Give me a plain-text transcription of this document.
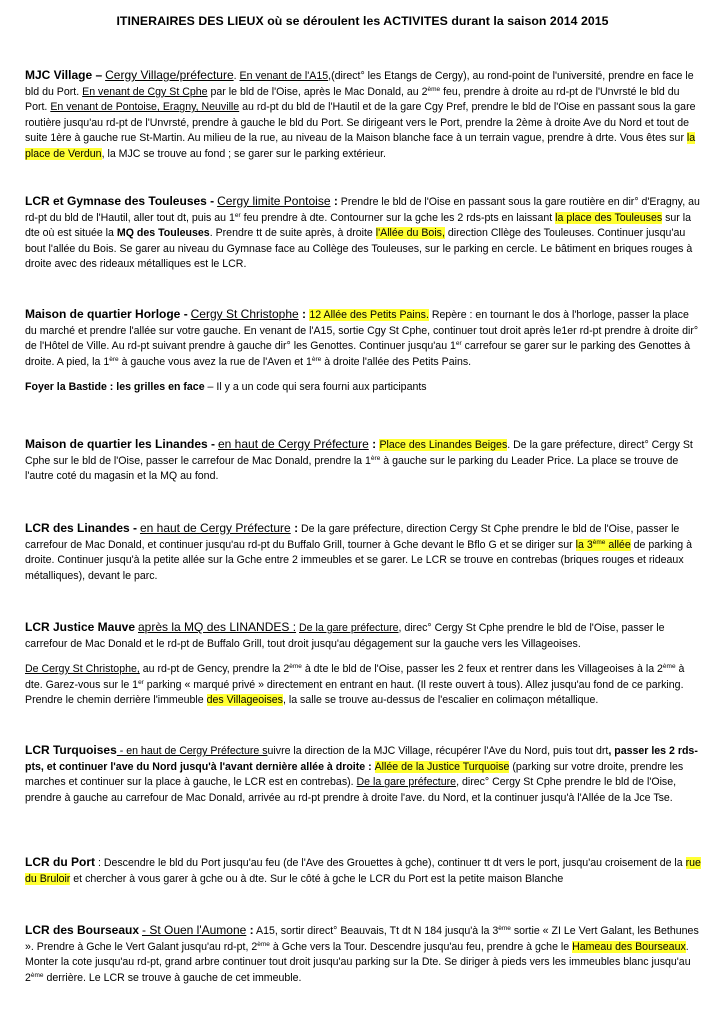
ITINERAIRES DES LIEUX où se déroulent les ACTIVITES durant la saison 2014 2015

MJC Village – Cergy Village/préfecture. En venant de l'A15,(direct° les Etangs de Cergy), au rond-point de l'université, prendre en face le bld du Port. En venant de Cgy St Cphe par le bld de l'Oise, après le Mac Donald, au 2ème feu, prendre à droite au rd-pt de l'Unvrsté le bld du Port. En venant de Pontoise, Eragny, Neuville au rd-pt du bld de l'Hautil et de la gare Cgy Pref, prendre le bld de l'Oise en passant sous la gare routière jusqu'au rd-pt de l'Unvrsté, prendre à gauche le bld du Port. Se dirigeant vers le Port, prendre la 2ème à droite Ave du Nord et tout de suite 1ère à gauche rue St-Martin. Au milieu de la rue, au niveau de la Maison blanche face à un terrain vague, prendre à drte. Vous êtes sur la place de Verdun, la MJC se trouve au fond ; se garer sur le parking extérieur.

LCR et Gymnase des Touleuses - Cergy limite Pontoise : Prendre le bld de l'Oise en passant sous la gare routière en dir° d'Eragny, au rd-pt du bld de l'Hautil, aller tout dt, puis au 1er feu prendre à dte. Contourner sur la gche les 2 rds-pts en laissant la place des Touleuses sur la dte où est située la MQ des Touleuses. Prendre tt de suite après, à droite l'Allée du Bois, direction Cllège des Touleuses. Continuer jusqu'au bout l'allée du Bois. Se garer au niveau du Gymnase face au Collège des Touleuses, sur le parking en cercle. Le bâtiment en briques rouges à droite avec des rideaux métalliques est le LCR.

Maison de quartier Horloge - Cergy St Christophe : 12 Allée des Petits Pains. Repère : en tournant le dos à l'horloge, passer la place du marché et prendre l'allée sur votre gauche. En venant de l'A15, sortie Cgy St Cphe, continuer tout droit après le1er rd-pt prendre à droite dir° de l'Hôtel de Ville. Au rd-pt suivant prendre à gauche dir° les Genottes. Continuer jusqu'au 1er carrefour se garer sur le parking des Genottes à droite. A pied, la 1ère à gauche vous avez la rue de l'Aven et 1ère à droite l'allée des Petits Pains.

Foyer la Bastide : les grilles en face – Il y a un code qui sera fourni aux participants

Maison de quartier les Linandes - en haut de Cergy Préfecture : Place des Linandes Beiges. De la gare préfecture, direct° Cergy St Cphe sur le bld de l'Oise, passer le carrefour de Mac Donald, prendre la 1ère à gauche sur le parking du Leader Price. La place se trouve de l'autre coté du magasin et la MQ au fond.

LCR des Linandes - en haut de Cergy Préfecture : De la gare préfecture, direction Cergy St Cphe prendre le bld de l'Oise, passer le carrefour de Mac Donald, et continuer jusqu'au rd-pt du Buffalo Grill, tourner à Gche devant le Bflo G et se diriger sur la 3ème allée de parking à droite. Continuer jusqu'à la petite allée sur la Gche entre 2 immeubles et se garer. Le LCR se trouve en contrebas (briques rouges et rideaux métalliques), devant le parc.

LCR Justice Mauve après la MQ des LINANDES : De la gare préfecture, direc° Cergy St Cphe prendre le bld de l'Oise, passer le carrefour de Mac Donald et le rd-pt de Buffalo Grill, tout droit jusqu'au dégagement sur la gauche vers les Villageoises.

De Cergy St Christophe, au rd-pt de Gency, prendre la 2ème à dte le bld de l'Oise, passer les 2 feux et rentrer dans les Villageoises à la 2ème à dte. Garez-vous sur le 1er parking « marqué privé » directement en entrant en haut. (Il reste ouvert à tous). Allez jusqu'au fond de ce parking. Prendre le chemin derrière l'immeuble des Villageoises, la salle se trouve au-dessus de l'escalier en colimaçon métallique.

LCR Turquoises - en haut de Cergy Préfecture suivre la direction de la MJC Village, récupérer l'Ave du Nord, puis tout drt, passer les 2 rds-pts, et continuer l'ave du Nord jusqu'à l'avant dernière allée à droite : Allée de la Justice Turquoise (parking sur votre droite, prendre les marches et continuer sur la place à gauche, le LCR est en contrebas). De la gare préfecture, direc° Cergy St Cphe prendre le bld de l'Oise, prendre à gauche au carrefour de Mac Donald, arrivée au rd-pt prendre à droite l'ave. du Nord, et la continuer jusqu'à l'Allée de la Jce Tse.

LCR du Port : Descendre le bld du Port jusqu'au feu (de l'Ave des Grouettes à gche), continuer tt dt vers le port, jusqu'au croisement de la rue du Bruloir et chercher à vous garer à gche ou à dte. Sur le côté à gche le LCR du Port est la petite maison Blanche

LCR des Bourseaux - St Ouen l'Aumone : A15, sortir direct° Beauvais, Tt dt N 184 jusqu'à la 3ème sortie « ZI Le Vert Galant, les Bethunes ». Prendre à Gche le Vert Galant jusqu'au rd-pt, 2ème à Gche vers la Tour. Descendre jusqu'au feu, prendre à gche le Hameau des Bourseaux. Monter la cote jusqu'au rd-pt, grand arbre continuer tout droit jusqu'au parking sur la Dte. Se diriger à pieds vers les immeubles blanc jusqu'au 2ème derrière. Le LCR se trouve à gauche de cet immeuble.
